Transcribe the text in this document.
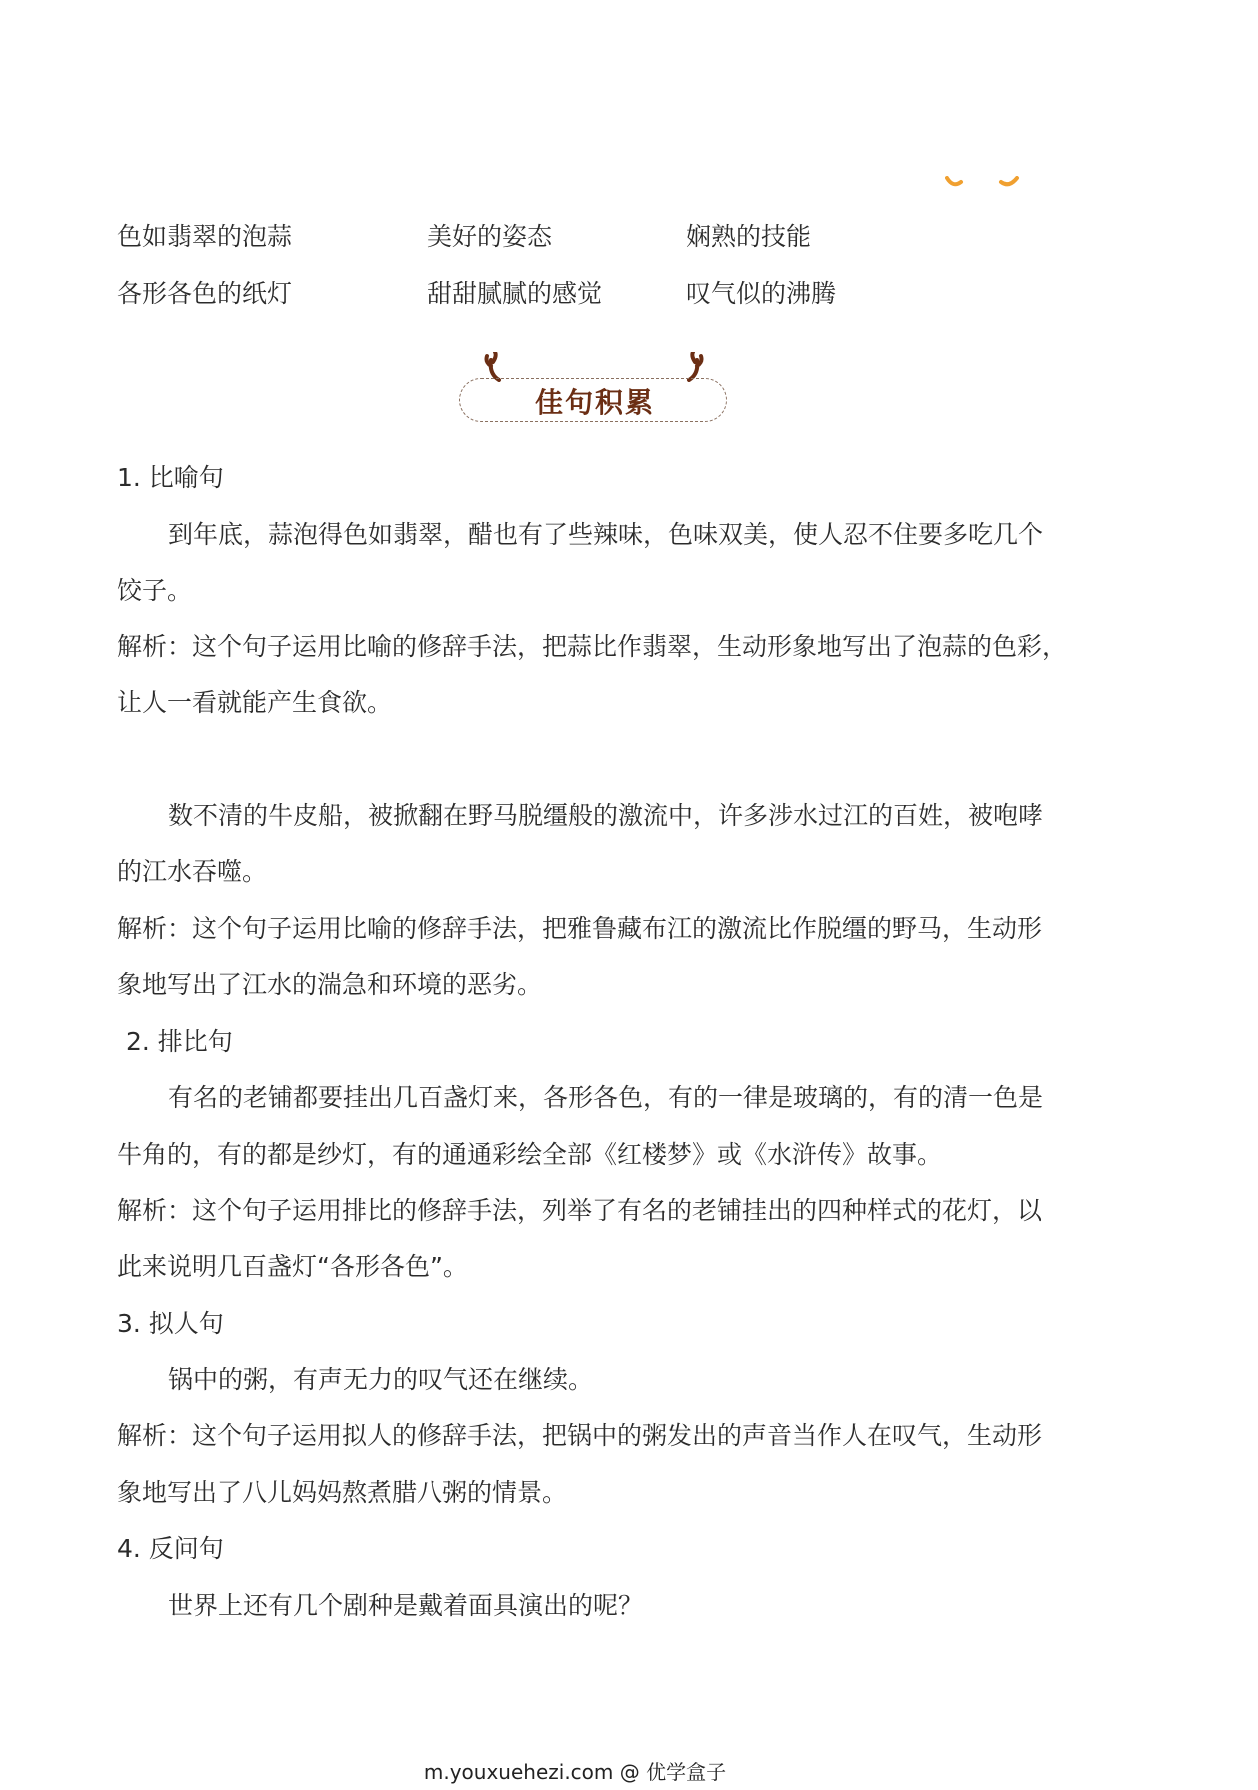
色如翡翠的泡蒜	美好的姿态	娴熟的技能
各形各色的纸灯	甜甜腻腻的感觉	叹气似的沸腾
佳句积累
1. 比喻句
到年底，蒜泡得色如翡翠，醋也有了些辣味，色味双美，使人忍不住要多吃几个
饺子。
解析：这个句子运用比喻的修辞手法，把蒜比作翡翠，生动形象地写出了泡蒜的色彩，
让人一看就能产生食欲。
数不清的牛皮船，被掀翻在野马脱缰般的激流中，许多涉水过江的百姓，被咆哮
的江水吞噬。
解析：这个句子运用比喻的修辞手法，把雅鲁藏布江的激流比作脱缰的野马，生动形
象地写出了江水的湍急和环境的恶劣。
2. 排比句
有名的老铺都要挂出几百盏灯来，各形各色，有的一律是玻璃的，有的清一色是
牛角的，有的都是纱灯，有的通通彩绘全部《红楼梦》或《水浒传》故事。
解析：这个句子运用排比的修辞手法，列举了有名的老铺挂出的四种样式的花灯，以
此来说明几百盏灯“各形各色”。
3. 拟人句
锅中的粥，有声无力的叹气还在继续。
解析：这个句子运用拟人的修辞手法，把锅中的粥发出的声音当作人在叹气，生动形
象地写出了八儿妈妈熬煮腊八粥的情景。
4. 反问句
世界上还有几个剧种是戴着面具演出的呢？
m.youxuehezi.com @ 优学盒子
